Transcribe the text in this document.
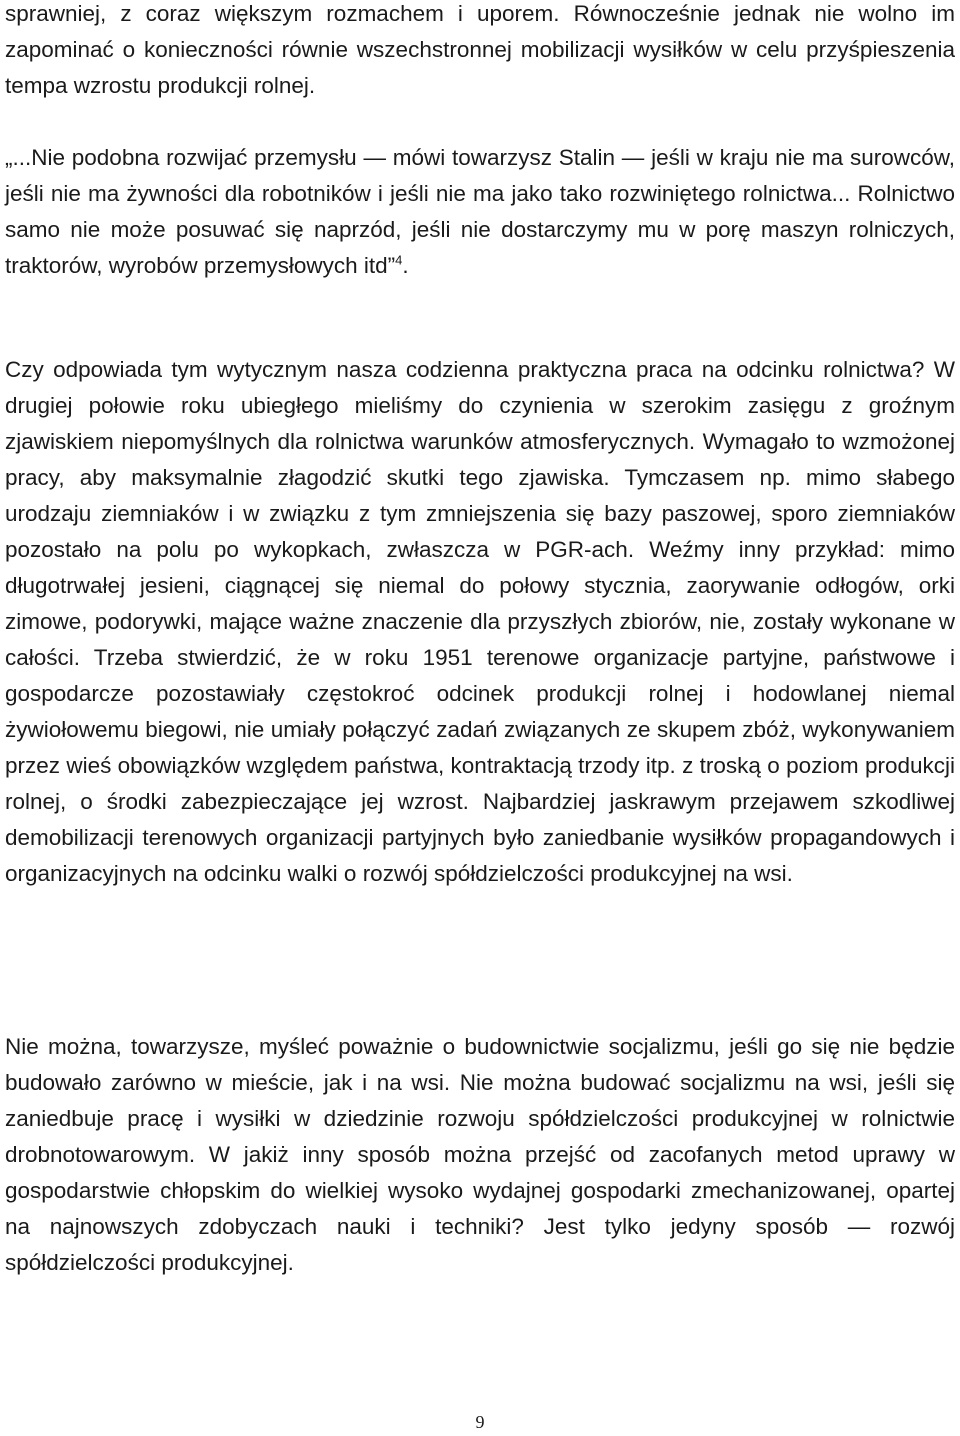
sprawniej, z coraz większym rozmachem i uporem. Równocześnie jednak nie wolno im zapominać o konieczności równie wszechstronnej mobilizacji wysiłków w celu przyśpieszenia tempa wzrostu produkcji rolnej.

„...Nie podobna rozwijać przemysłu — mówi towarzysz Stalin — jeśli w kraju nie ma surowców, jeśli nie ma żywności dla robotników i jeśli nie ma jako tako rozwiniętego rolnictwa... Rolnictwo samo nie może posuwać się naprzód, jeśli nie dostarczymy mu w porę maszyn rolniczych, traktorów, wyrobów przemysłowych itd”$^4$.

Czy odpowiada tym wytycznym nasza codzienna praktyczna praca na odcinku rolnictwa? W drugiej połowie roku ubiegłego mieliśmy do czynienia w szerokim zasięgu z groźnym zjawiskiem niepomyślnych dla rolnictwa warunków atmosferycznych. Wymagało to wzmożonej pracy, aby maksymalnie złagodzić skutki tego zjawiska. Tymczasem np. mimo słabego urodzaju ziemniaków i w związku z tym zmniejszenia się bazy paszowej, sporo ziemniaków pozostało na polu po wykopkach, zwłaszcza w PGR-ach. Weźmy inny przykład: mimo długotrwałej jesieni, ciągnącej się niemal do połowy stycznia, zaorywanie odłogów, orki zimowe, podorywki, mające ważne znaczenie dla przyszłych zbiorów, nie, zostały wykonane w całości. Trzeba stwierdzić, że w roku 1951 terenowe organizacje partyjne, państwowe i gospodarcze pozostawiały częstokroć odcinek produkcji rolnej i hodowlanej niemal żywiołowemu biegowi, nie umiały połączyć zadań związanych ze skupem zbóż, wykonywaniem przez wieś obowiązków względem państwa, kontraktacją trzody itp. z troską o poziom produkcji rolnej, o środki zabezpieczające jej wzrost. Najbardziej jaskrawym przejawem szkodliwej demobilizacji terenowych organizacji partyjnych było zaniedbanie wysiłków propagandowych i organizacyjnych na odcinku walki o rozwój spółdzielczości produkcyjnej na wsi.

Nie można, towarzysze, myśleć poważnie o budownictwie socjalizmu, jeśli go się nie będzie budowało zarówno w mieście, jak i na wsi. Nie można budować socjalizmu na wsi, jeśli się zaniedbuje pracę i wysiłki w dziedzinie rozwoju spółdzielczości produkcyjnej w rolnictwie drobnotowarowym. W jakiż inny sposób można przejść od zacofanych metod uprawy w gospodarstwie chłopskim do wielkiej wysoko wydajnej gospodarki zmechanizowanej, opartej na najnowszych zdobyczach nauki i techniki? Jest tylko jedyny sposób — rozwój spółdzielczości produkcyjnej.

9
